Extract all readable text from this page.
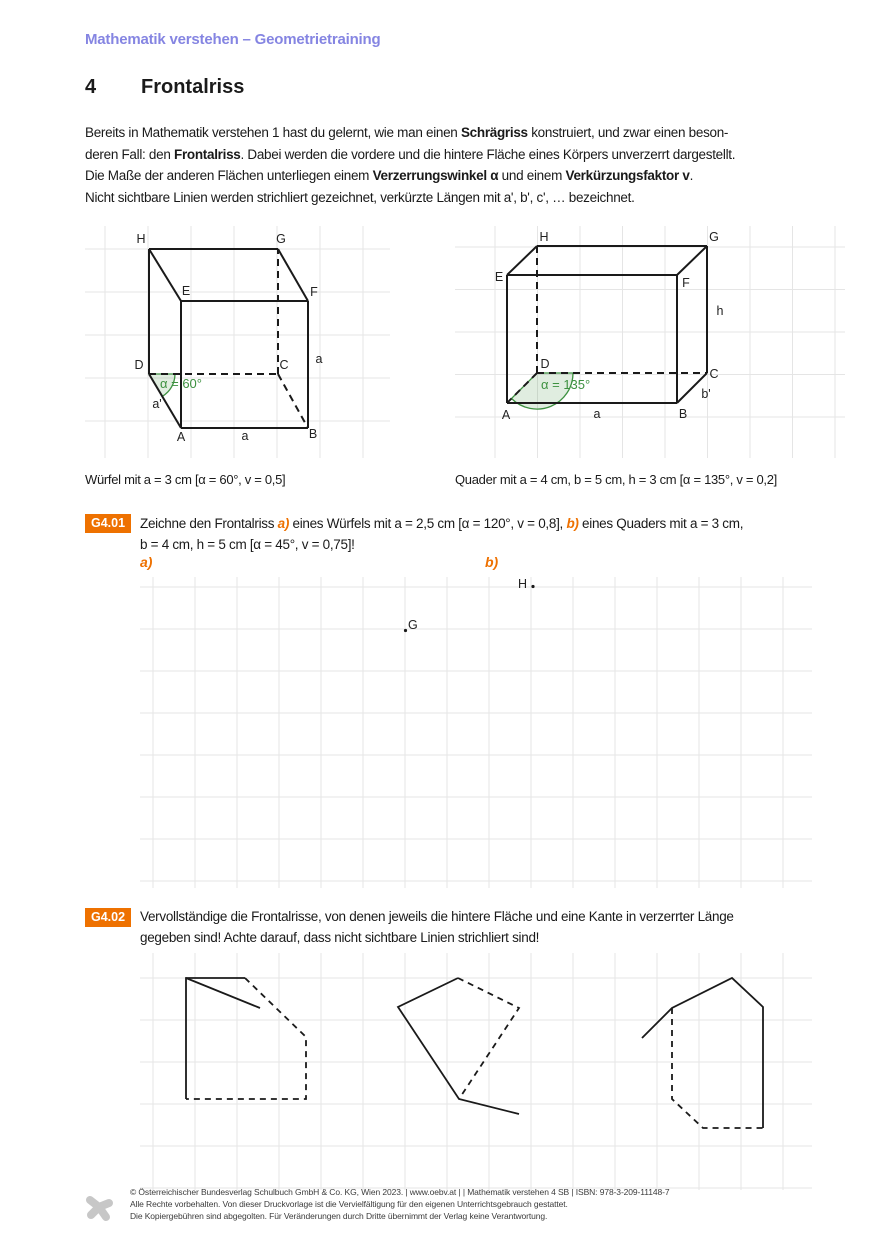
Mathematik verstehen – Geometrietraining
4 Frontalriss
Bereits in Mathematik verstehen 1 hast du gelernt, wie man einen Schrägriss konstruiert, und zwar einen beson-
deren Fall: den Frontalriss. Dabei werden die vordere und die hintere Fläche eines Körpers unverzerrt dargestellt.
Die Maße der anderen Flächen unterliegen einem Verzerrungswinkel α und einem Verkürzungsfaktor v.
Nicht sichtbare Linien werden strichliert gezeichnet, verkürzte Längen mit a', b', c', … bezeichnet.
H	G
E	F
D	C
A	B
a'
a
a
α = 60°
E	F
H	G
A	B
D
C
h
b'
a
α = 135°
Würfel mit a = 3 cm [α = 60°, v = 0,5]	Quader mit a = 4 cm, b = 5 cm, h = 3 cm [α = 135°, v = 0,2]
G4.01	Zeichne den Frontalriss a) eines Würfels mit a = 2,5 cm [α = 120°, v = 0,8], b) eines Quaders mit a = 3 cm,
b = 4 cm, h = 5 cm [α = 45°, v = 0,75]!
a)	b)
G
H
G4.02	Vervollständige die Frontalrisse, von denen jeweils die hintere Fläche und eine Kante in verzerrter Länge
gegeben sind! Achte darauf, dass nicht sichtbare Linien strichliert sind!
© Österreichischer Bundesverlag Schulbuch GmbH & Co. KG, Wien 2023. | www.oebv.at | | Mathematik verstehen 4 SB | ISBN: 978-3-209-11148-7
Alle Rechte vorbehalten. Von dieser Druckvorlage ist die Vervielfältigung für den eigenen Unterrichtsgebrauch gestattet.
Die Kopiergebühren sind abgegolten. Für Veränderungen durch Dritte übernimmt der Verlag keine Verantwortung.
